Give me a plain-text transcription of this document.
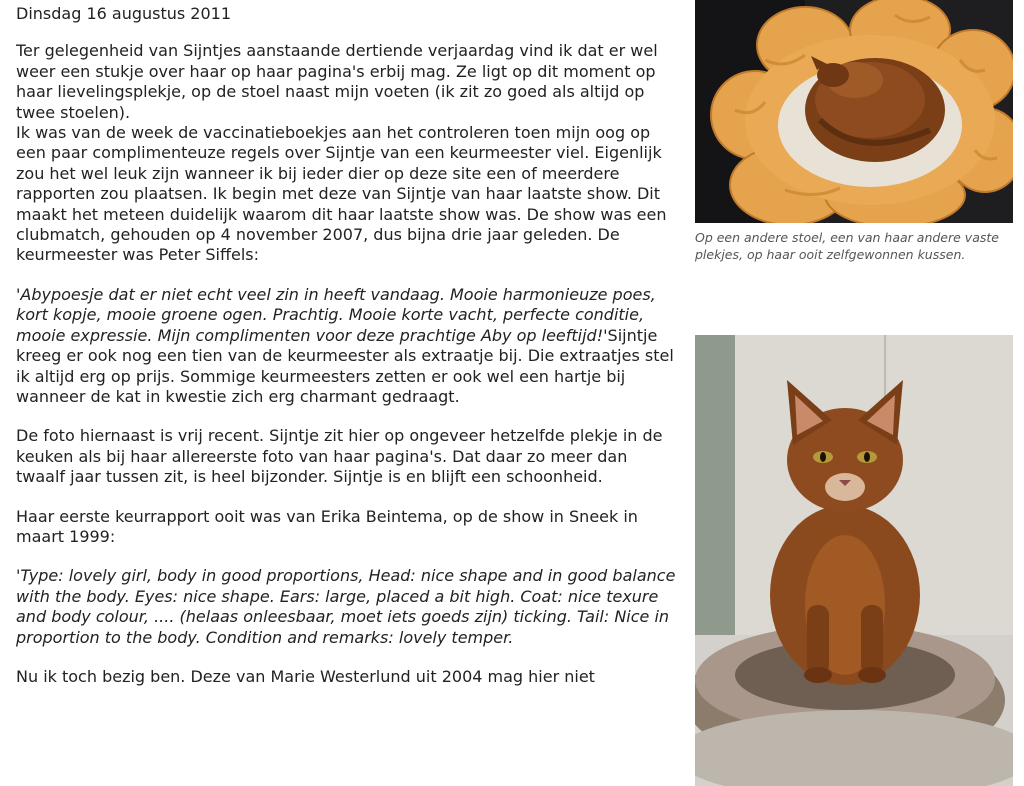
Dinsdag 16 augustus 2011

Ter gelegenheid van Sijntjes aanstaande dertiende verjaardag vind ik dat er wel weer een stukje over haar op haar pagina's erbij mag. Ze ligt op dit moment op haar lievelingsplekje, op de stoel naast mijn voeten (ik zit zo goed als altijd op twee stoelen).

Ik was van de week de vaccinatieboekjes aan het controleren toen mijn oog op een paar complimenteuze regels over Sijntje van een keurmeester viel. Eigenlijk zou het wel leuk zijn wanneer ik bij ieder dier op deze site een of meerdere rapporten zou plaatsen. Ik begin met deze van Sijntje van haar laatste show. Dit maakt het meteen duidelijk waarom dit haar laatste show was. De show was een clubmatch, gehouden op 4 november 2007, dus bijna drie jaar geleden. De keurmeester was Peter Siffels:

'Abypoesje dat er niet echt veel zin in heeft vandaag. Mooie harmonieuze poes, kort kopje, mooie groene ogen. Prachtig. Mooie korte vacht, perfecte conditie, mooie expressie. Mijn complimenten voor deze prachtige Aby op leeftijd!'Sijntje kreeg er ook nog een tien van de keurmeester als extraatje bij. Die extraatjes stel ik altijd erg op prijs. Sommige keurmeesters zetten er ook wel een hartje bij wanneer de kat in kwestie zich erg charmant gedraagt.

De foto hiernaast is vrij recent. Sijntje zit hier op ongeveer hetzelfde plekje in de keuken als bij haar allereerste foto van haar pagina's. Dat daar zo meer dan twaalf jaar tussen zit, is heel bijzonder. Sijntje is en blijft een schoonheid.

Haar eerste keurrapport ooit was van Erika Beintema, op de show in Sneek in maart 1999:

'Type: lovely girl, body in good proportions, Head: nice shape and in good balance with the body. Eyes: nice shape. Ears: large, placed a bit high. Coat: nice texure and body colour, .... (helaas onleesbaar, moet iets goeds zijn) ticking. Tail: Nice in proportion to the body. Condition and remarks: lovely temper.

Nu ik toch bezig ben. Deze van Marie Westerlund uit 2004 mag hier niet

Op een andere stoel, een van haar andere vaste plekjes, op haar ooit zelfgewonnen kussen.
